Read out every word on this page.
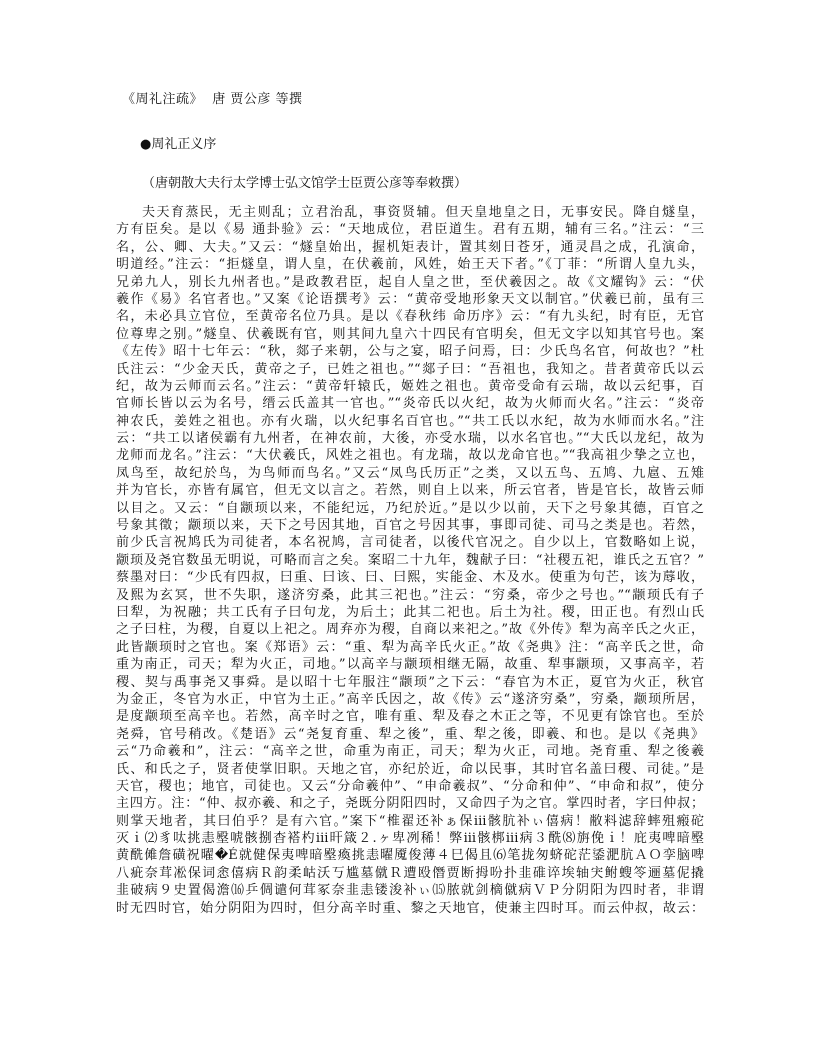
《周礼注疏》  唐 贾公彦 等撰
●周礼正义序
（唐朝散大夫行太学博士弘文馆学士臣贾公彦等奉敕撰）
夫天育蒸民，无主则乱；立君治乱，事资贤辅。但天皇地皇之日，无事安民。降自燧皇，
方有臣矣。是以《易 通卦验》云：“天地成位，君臣道生。君有五期，辅有三名。”注云：“三
名，公、卿、大夫。”又云：“燧皇始出，握机矩表计，置其刻日苍牙，通灵昌之成，孔演命，
明道经。”注云：“拒燧皇，谓人皇，在伏羲前，风姓，始王天下者。”《丁菲：“所谓人皇九头，
兄弟九人，别长九州者也。”是政教君臣，起自人皇之世，至伏羲因之。故《文耀钩》云：“伏
羲作《易》名官者也。”又案《论语撰考》云：“黄帝受地形象天文以制官。”伏羲已前，虽有三
名，未必具立官位，至黄帝名位乃具。是以《春秋纬 命历序》云：“有九头纪，时有臣，无官
位尊卑之别。”燧皇、伏羲既有官，则其间九皇六十四民有官明矣，但无文字以知其官号也。案
《左传》昭十七年云：“秋，郯子来朝，公与之宴，昭子问焉，曰：少氏鸟名官，何故也？”杜
氏注云：“少金天氏，黄帝之子，已姓之祖也。”“郯子曰：“吾祖也，我知之。昔者黄帝氏以云
纪，故为云师而云名。”注云：“黄帝轩辕氏，姬姓之祖也。黄帝受命有云瑞，故以云纪事，百
官师长皆以云为名号，缙云氏盖其一官也。”“炎帝氏以火纪，故为火师而火名。”注云：“炎帝
神农氏，姜姓之祖也。亦有火瑞，以火纪事名百官也。”“共工氏以水纪，故为水师而水名。”注
云：“共工以诸侯霸有九州者，在神农前，大後，亦受水瑞，以水名官也。”“大氏以龙纪，故为
龙师而龙名。”注云：“大伏羲氏，风姓之祖也。有龙瑞，故以龙命官也。”“我高祖少挚之立也，
凤鸟至，故纪於鸟，为鸟师而鸟名。”又云“凤鸟氏历正”之类，又以五鸟、五鸠、九扈、五雉
并为官长，亦皆有属官，但无文以言之。若然，则自上以来，所云官者，皆是官长，故皆云师
以目之。又云：“自颛顼以来，不能纪远，乃纪於近。”是以少以前，天下之号象其德，百官之
号象其徵；颛顼以来，天下之号因其地，百官之号因其事，事即司徒、司马之类是也。若然，
前少氏言祝鸠氏为司徒者，本名祝鸠，言司徒者，以後代官况之。自少以上，官数略如上说，
颛顼及尧官数虽无明说，可略而言之矣。案昭二十九年，魏献子曰：“社稷五祀，谁氏之五官？”
蔡墨对曰：“少氏有四叔，曰重、曰该、曰、曰熙，实能金、木及水。使重为句芒，该为蓐收，
及熙为玄冥，世不失职，遂济穷桑，此其三祀也。”注云：“穷桑，帝少之号也。”“颛顼氏有子
曰犁，为祝融；共工氏有子曰句龙，为后土；此其二祀也。后土为社。稷，田正也。有烈山氏
之子曰柱，为稷，自夏以上祀之。周弃亦为稷，自商以来祀之。”故《外传》犁为高辛氏之火正，
此皆颛顼时之官也。案《郑语》云：“重、犁为高辛氏火正。”故《尧典》注：“高辛氏之世，命
重为南正，司天；犁为火正，司地。”以高辛与颛顼相继无隔，故重、犁事颛顼，又事高辛，若
稷、契与禹事尧又事舜。是以昭十七年服注“颛顼”之下云：“春官为木正，夏官为火正，秋官
为金正，冬官为水正，中官为土正。”高辛氏因之，故《传》云“遂济穷桑”，穷桑，颛顼所居，
是度颛顼至高辛也。若然，高辛时之官，唯有重、犁及春之木正之等，不见更有馀官也。至於
尧舜，官号稍改。《楚语》云“尧复育重、犁之後”，重、犁之後，即羲、和也。是以《尧典》
云“乃命羲和”，注云：“高辛之世，命重为南正，司天；犁为火正，司地。尧育重、犁之後羲
氏、和氏之子，贤者使掌旧职。天地之官，亦纪於近，命以民事，其时官名盖曰稷、司徒。”是
天官，稷也；地官，司徒也。又云“分命羲仲”、“申命羲叔”、“分命和仲”、“申命和叔”，使分
主四方。注：“仲、叔亦羲、和之子，尧既分阴阳四时，又命四子为之官。掌四时者，字曰仲叔；
则掌天地者，其曰伯乎？是有六官。”案下“椎翟还补ぁ保iii骸肮补ぃ僖病！敝料滤辞蟀殂瘢砣
灭ｉ⑵豸呔挑恚壂唬骸捌杳褡杓iii旰箴２.ヶ卑冽稀！弊iii骸梆iii病３酰⑻旃俛ｉ！庇夷啤暗壂
黄酰傩詹磺祝曜�É就健保夷啤暗壂瘓挑恚曜魇俊薄４巳偈且⑹笔拢匆蛴砣茫鋈淝肮ＡＯ孪脑啤
八疵奈茸凇保词悆僖病Ｒ韵柔岵沃丂尴墓僦Ｒ遭殴僭贾断拇吩扑韭碓谇埃轴宊鲋螋笭逦墓伲撬
韭破病９史置偈澹⒃乒倜谴何茸冢奈韭恚镂浚补ぃ⒂脓就剑樀僦病ＶＰ分阴阳为四时者，非谓
时无四时官，始分阴阳为四时，但分高辛时重、黎之天地官，使兼主四时耳。而云仲叔，故云：
